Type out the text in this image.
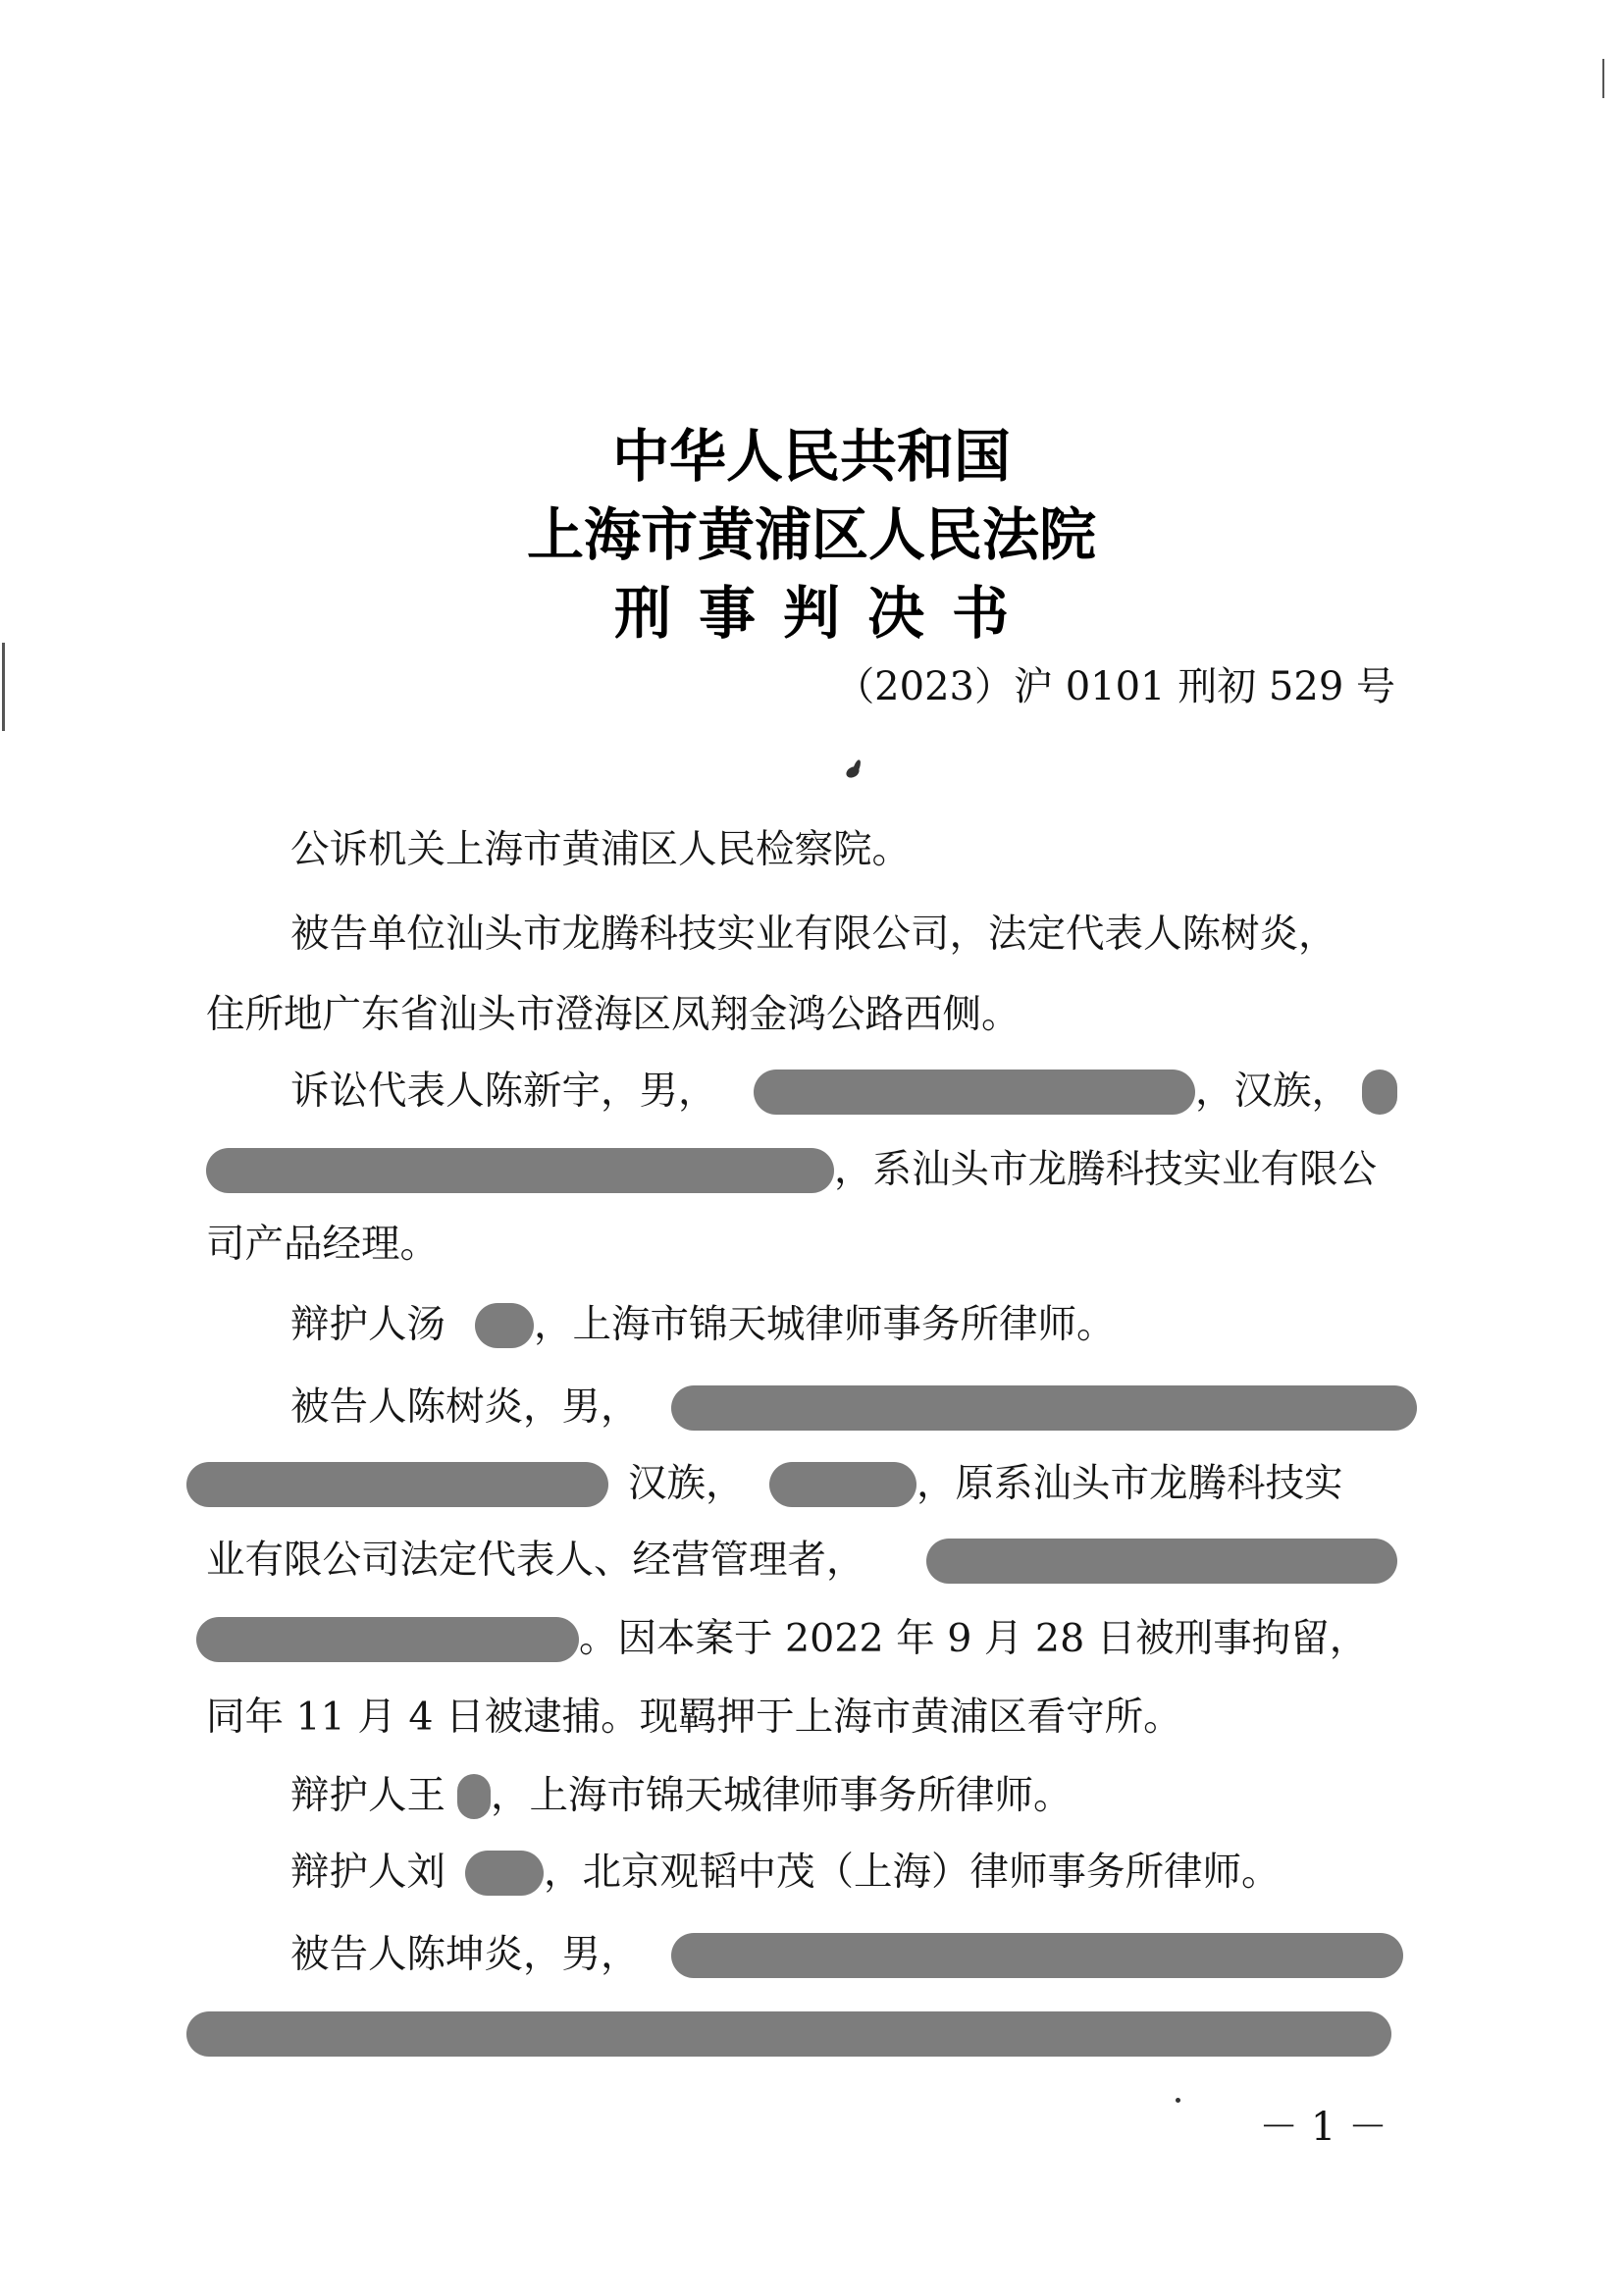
中华人民共和国
上海市黄浦区人民法院
刑事判决书
（2023）沪 0101 刑初 529 号
公诉机关上海市黄浦区人民检察院。
被告单位汕头市龙腾科技实业有限公司，法定代表人陈树炎，
住所地广东省汕头市澄海区凤翔金鸿公路西侧。
诉讼代表人陈新宇，男，	，汉族，
，系汕头市龙腾科技实业有限公
司产品经理。
辩护人汤 ，上海市锦天城律师事务所律师。
被告人陈树炎，男，
汉族，	，原系汕头市龙腾科技实
业有限公司法定代表人、经营管理者，
。因本案于 2022 年 9 月 28 日被刑事拘留，
同年 11 月 4 日被逮捕。现羁押于上海市黄浦区看守所。
辩护人王 ，上海市锦天城律师事务所律师。
辩护人刘	，北京观韬中茂（上海）律师事务所律师。
被告人陈坤炎，男，
－ 1 －
